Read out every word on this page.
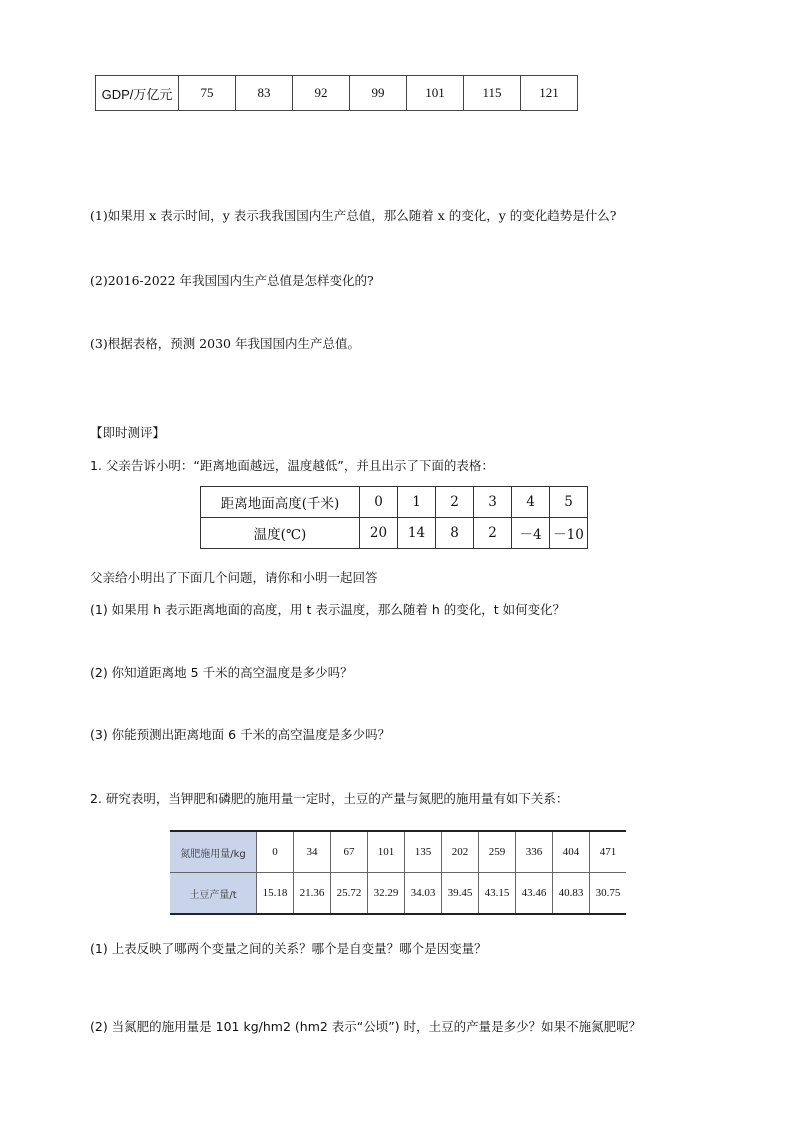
GDP/万亿元	75	83	92	99	101	115	121
(1)如果用 x 表示时间，y 表示我我国国内生产总值，那么随着 x 的变化，y 的变化趋势是什么?
(2)2016-2022 年我国国内生产总值是怎样变化的?
(3)根据表格，预测 2030 年我国国内生产总值。
【即时测评】
1. 父亲告诉小明：“距离地面越远，温度越低”，并且出示了下面的表格：
距离地面高度(千米)	0	1	2	3	4	5
温度(℃)	20	14	8	2	－4	－10
父亲给小明出了下面几个问题，请你和小明一起回答
(1) 如果用 h 表示距离地面的高度，用 t 表示温度，那么随着 h 的变化，t 如何变化？
(2) 你知道距离地 5 千米的高空温度是多少吗？
(3) 你能预测出距离地面 6 千米的高空温度是多少吗？
2. 研究表明，当钾肥和磷肥的施用量一定时，土豆的产量与氮肥的施用量有如下关系：
氮肥施用量/kg	0	34	67	101	135	202	259	336	404	471
土豆产量/t	15.18	21.36	25.72	32.29	34.03	39.45	43.15	43.46	40.83	30.75
(1) 上表反映了哪两个变量之间的关系？哪个是自变量？哪个是因变量？
(2) 当氮肥的施用量是 101 kg/hm2 (hm2 表示“公顷”) 时，土豆的产量是多少？如果不施氮肥呢？
